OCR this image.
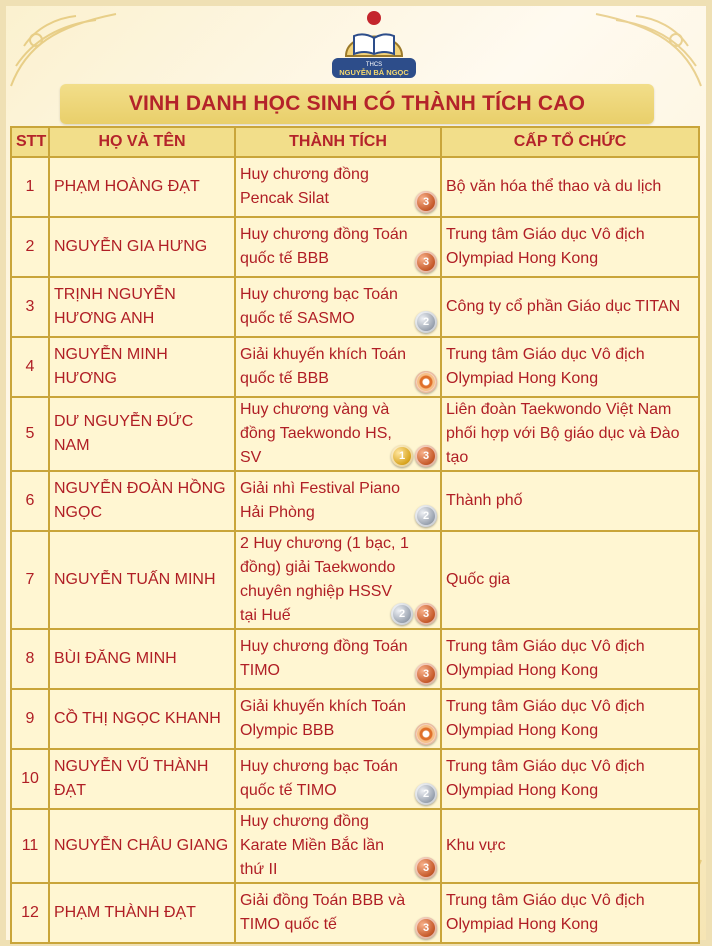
THCS
NGUYỄN BÁ NGỌC
VINH DANH HỌC SINH CÓ THÀNH TÍCH CAO
STT	HỌ VÀ TÊN	THÀNH TÍCH	CẤP TỔ CHỨC
1	PHẠM HOÀNG ĐẠT	Huy chương đồng Pencak Silat 3	Bộ văn hóa thể thao và du lịch
2	NGUYỄN GIA HƯNG	Huy chương đồng Toán quốc tế BBB 3	Trung tâm Giáo dục Vô địch Olympiad Hong Kong
3	TRỊNH NGUYỄN HƯƠNG ANH	Huy chương bạc Toán quốc tế SASMO 2	Công ty cổ phần Giáo dục TITAN
4	NGUYỄN MINH HƯƠNG	Giải khuyến khích Toán quốc tế BBB	Trung tâm Giáo dục Vô địch Olympiad Hong Kong
5	DƯ NGUYỄN ĐỨC NAM	Huy chương vàng và đồng Taekwondo HS, SV 1 3	Liên đoàn Taekwondo Việt Nam phối hợp với Bộ giáo dục và Đào tạo
6	NGUYỄN ĐOÀN HỒNG NGỌC	Giải nhì Festival Piano Hải Phòng 2	Thành phố
7	NGUYỄN TUẤN MINH	2 Huy chương (1 bạc, 1 đồng) giải Taekwondo chuyên nghiệp HSSV tại Huế 2 3	Quốc gia
8	BÙI ĐĂNG MINH	Huy chương đồng Toán TIMO 3	Trung tâm Giáo dục Vô địch Olympiad Hong Kong
9	CỒ THỊ NGỌC KHANH	Giải khuyến khích Toán Olympic BBB	Trung tâm Giáo dục Vô địch Olympiad Hong Kong
10	NGUYỄN VŨ THÀNH ĐẠT	Huy chương bạc Toán quốc tế TIMO 2	Trung tâm Giáo dục Vô địch Olympiad Hong Kong
11	NGUYỄN CHÂU GIANG	Huy chương đồng Karate Miền Bắc lần thứ II 3	Khu vực
12	PHẠM THÀNH ĐẠT	Giải đồng Toán BBB và TIMO quốc tế 3	Trung tâm Giáo dục Vô địch Olympiad Hong Kong
